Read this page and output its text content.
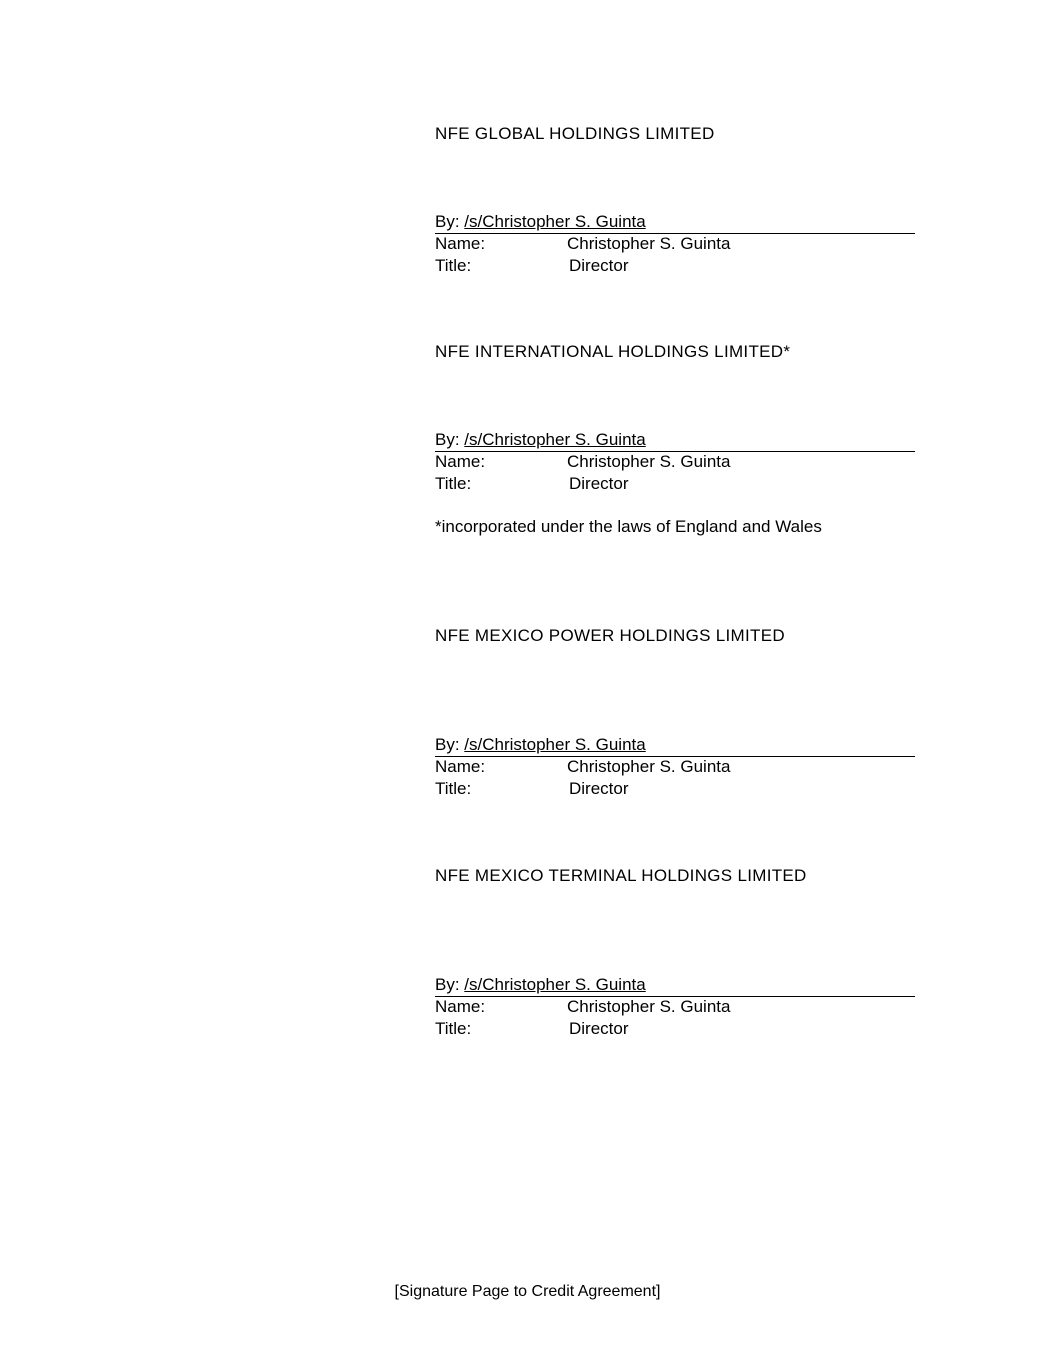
NFE GLOBAL HOLDINGS LIMITED
By: /s/Christopher S. Guinta
Name:	Christopher S. Guinta
Title:	Director
NFE INTERNATIONAL HOLDINGS LIMITED*
By: /s/Christopher S. Guinta
Name:	Christopher S. Guinta
Title:	Director
*incorporated under the laws of England and Wales
NFE MEXICO POWER HOLDINGS LIMITED
By: /s/Christopher S. Guinta
Name:	Christopher S. Guinta
Title:	Director
NFE MEXICO TERMINAL HOLDINGS LIMITED
By: /s/Christopher S. Guinta
Name:	Christopher S. Guinta
Title:	Director
[Signature Page to Credit Agreement]
